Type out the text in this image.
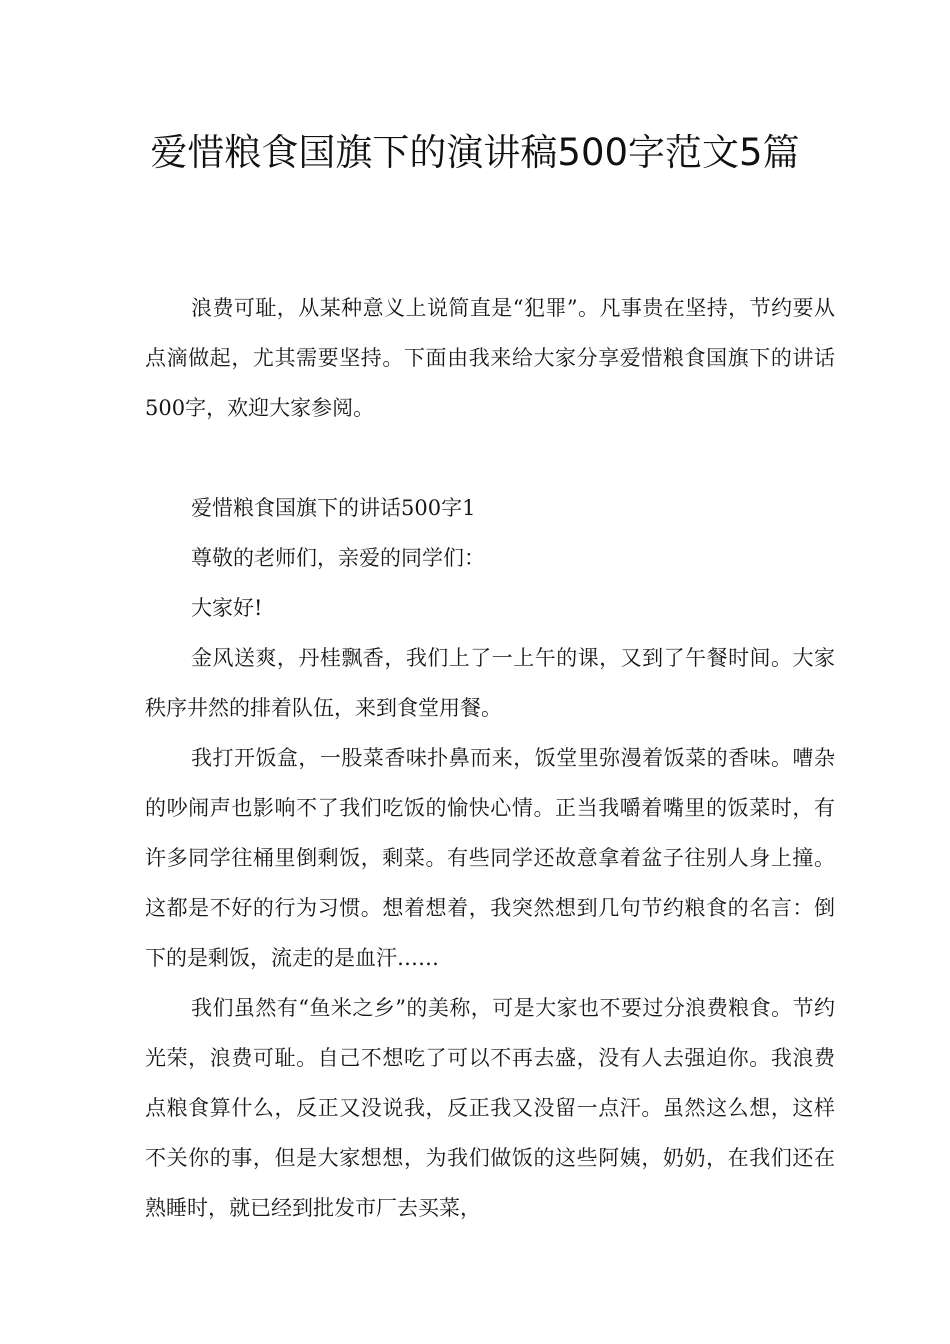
爱惜粮食国旗下的演讲稿500字范文5篇

浪费可耻，从某种意义上说简直是“犯罪”。凡事贵在坚持，节约要从点滴做起，尤其需要坚持。下面由我来给大家分享爱惜粮食国旗下的讲话500字，欢迎大家参阅。

爱惜粮食国旗下的讲话500字1

尊敬的老师们，亲爱的同学们：

大家好!

金风送爽，丹桂飘香，我们上了一上午的课，又到了午餐时间。大家秩序井然的排着队伍，来到食堂用餐。

我打开饭盒，一股菜香味扑鼻而来，饭堂里弥漫着饭菜的香味。嘈杂的吵闹声也影响不了我们吃饭的愉快心情。正当我嚼着嘴里的饭菜时，有许多同学往桶里倒剩饭，剩菜。有些同学还故意拿着盆子往别人身上撞。这都是不好的行为习惯。想着想着，我突然想到几句节约粮食的名言：倒下的是剩饭，流走的是血汗……

我们虽然有“鱼米之乡”的美称，可是大家也不要过分浪费粮食。节约光荣，浪费可耻。自己不想吃了可以不再去盛，没有人去强迫你。我浪费点粮食算什么，反正又没说我，反正我又没留一点汗。虽然这么想，这样不关你的事，但是大家想想，为我们做饭的这些阿姨，奶奶，在我们还在熟睡时，就已经到批发市厂去买菜，
